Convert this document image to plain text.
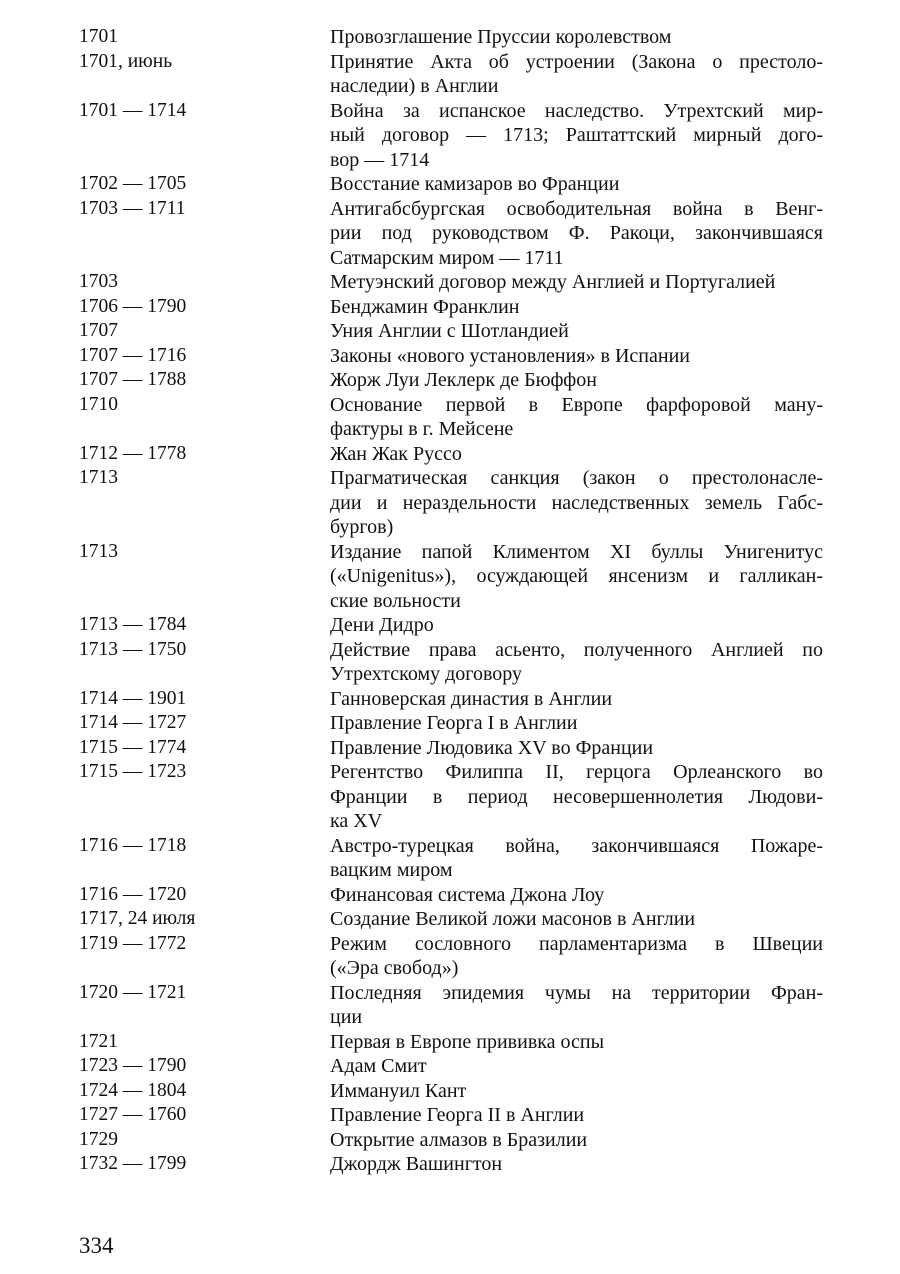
1701	Провозглашение Пруссии королевством
1701, июнь	Принятие Акта об устроении (Закона о престоло-
наследии) в Англии
1701 — 1714	Война за испанское наследство. Утрехтский мир-
ный договор — 1713; Раштаттский мирный дого-
вор — 1714
1702 — 1705	Восстание камизаров во Франции
1703 — 1711	Антигабсбургская освободительная война в Венг-
рии под руководством Ф. Ракоци, закончившаяся
Сатмарским миром — 1711
1703	Метуэнский договор между Англией и Португалией
1706 — 1790	Бенджамин Франклин
1707	Уния Англии с Шотландией
1707 — 1716	Законы «нового установления» в Испании
1707 — 1788	Жорж Луи Леклерк де Бюффон
1710	Основание первой в Европе фарфоровой ману-
фактуры в г. Мейсене
1712 — 1778	Жан Жак Руссо
1713	Прагматическая санкция (закон о престолонасле-
дии и нераздельности наследственных земель Габс-
бургов)
1713	Издание папой Климентом XI буллы Унигенитус
(«Unigenitus»), осуждающей янсенизм и галликан-
ские вольности
1713 — 1784	Дени Дидро
1713 — 1750	Действие права асьенто, полученного Англией по
Утрехтскому договору
1714 — 1901	Ганноверская династия в Англии
1714 — 1727	Правление Георга I в Англии
1715 — 1774	Правление Людовика XV во Франции
1715 — 1723	Регентство Филиппа II, герцога Орлеанского во
Франции в период несовершеннолетия Людови-
ка XV
1716 — 1718	Австро-турецкая война, закончившаяся Пожаре-
вацким миром
1716 — 1720	Финансовая система Джона Лоу
1717, 24 июля	Создание Великой ложи масонов в Англии
1719 — 1772	Режим сословного парламентаризма в Швеции
(«Эра свобод»)
1720 — 1721	Последняя эпидемия чумы на территории Фран-
ции
1721	Первая в Европе прививка оспы
1723 — 1790	Адам Смит
1724 — 1804	Иммануил Кант
1727 — 1760	Правление Георга II в Англии
1729	Открытие алмазов в Бразилии
1732 — 1799	Джордж Вашингтон
334
